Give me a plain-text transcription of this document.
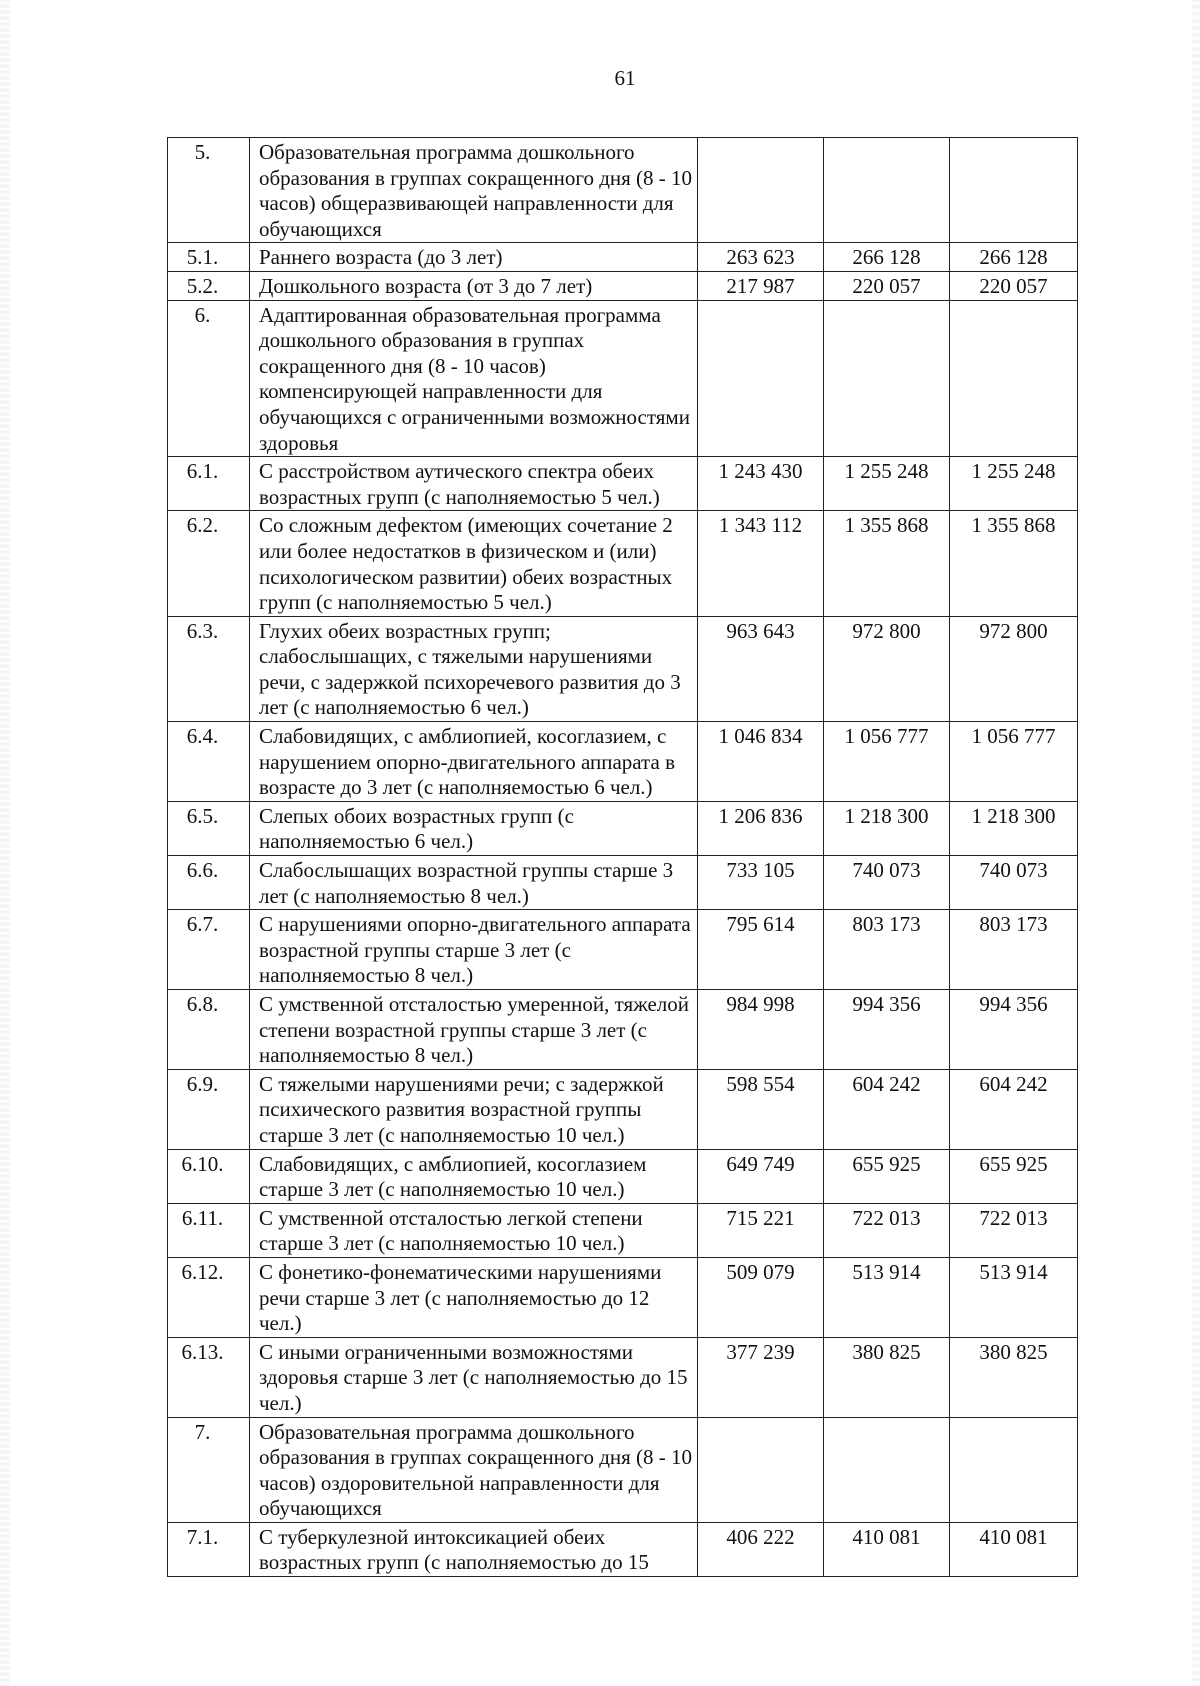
61
5.	Образовательная программа дошкольного образования в группах сокращенного дня (8 - 10 часов) общеразвивающей направленности для обучающихся			
5.1.	Раннего возраста (до 3 лет)	263 623	266 128	266 128
5.2.	Дошкольного возраста (от 3 до 7 лет)	217 987	220 057	220 057
6.	Адаптированная образовательная программа дошкольного образования в группах сокращенного дня (8 - 10 часов) компенсирующей направленности для обучающихся с ограниченными возможностями здоровья			
6.1.	С расстройством аутического спектра обеих возрастных групп (с наполняемостью 5 чел.)	1 243 430	1 255 248	1 255 248
6.2.	Со сложным дефектом (имеющих сочетание 2 или более недостатков в физическом и (или) психологическом развитии) обеих возрастных групп (с наполняемостью 5 чел.)	1 343 112	1 355 868	1 355 868
6.3.	Глухих обеих возрастных групп; слабослышащих, с тяжелыми нарушениями речи, с задержкой психоречевого развития до 3 лет (с наполняемостью 6 чел.)	963 643	972 800	972 800
6.4.	Слабовидящих, с амблиопией, косоглазием, с нарушением опорно-двигательного аппарата в возрасте до 3 лет (с наполняемостью 6 чел.)	1 046 834	1 056 777	1 056 777
6.5.	Слепых обоих возрастных групп (с наполняемостью 6 чел.)	1 206 836	1 218 300	1 218 300
6.6.	Слабослышащих возрастной группы старше 3 лет (с наполняемостью 8 чел.)	733 105	740 073	740 073
6.7.	С нарушениями опорно-двигательного аппарата возрастной группы старше 3 лет (с наполняемостью 8 чел.)	795 614	803 173	803 173
6.8.	С умственной отсталостью умеренной, тяжелой степени возрастной группы старше 3 лет (с наполняемостью 8 чел.)	984 998	994 356	994 356
6.9.	С тяжелыми нарушениями речи; с задержкой психического развития возрастной группы старше 3 лет (с наполняемостью 10 чел.)	598 554	604 242	604 242
6.10.	Слабовидящих, с амблиопией, косоглазием старше 3 лет (с наполняемостью 10 чел.)	649 749	655 925	655 925
6.11.	С умственной отсталостью легкой степени старше 3 лет (с наполняемостью 10 чел.)	715 221	722 013	722 013
6.12.	С фонетико-фонематическими нарушениями речи старше 3 лет (с наполняемостью до 12 чел.)	509 079	513 914	513 914
6.13.	С иными ограниченными возможностями здоровья старше 3 лет (с наполняемостью до 15 чел.)	377 239	380 825	380 825
7.	Образовательная программа дошкольного образования в группах сокращенного дня (8 - 10 часов) оздоровительной направленности для обучающихся			
7.1.	С туберкулезной интоксикацией обеих возрастных групп (с наполняемостью до 15	406 222	410 081	410 081
